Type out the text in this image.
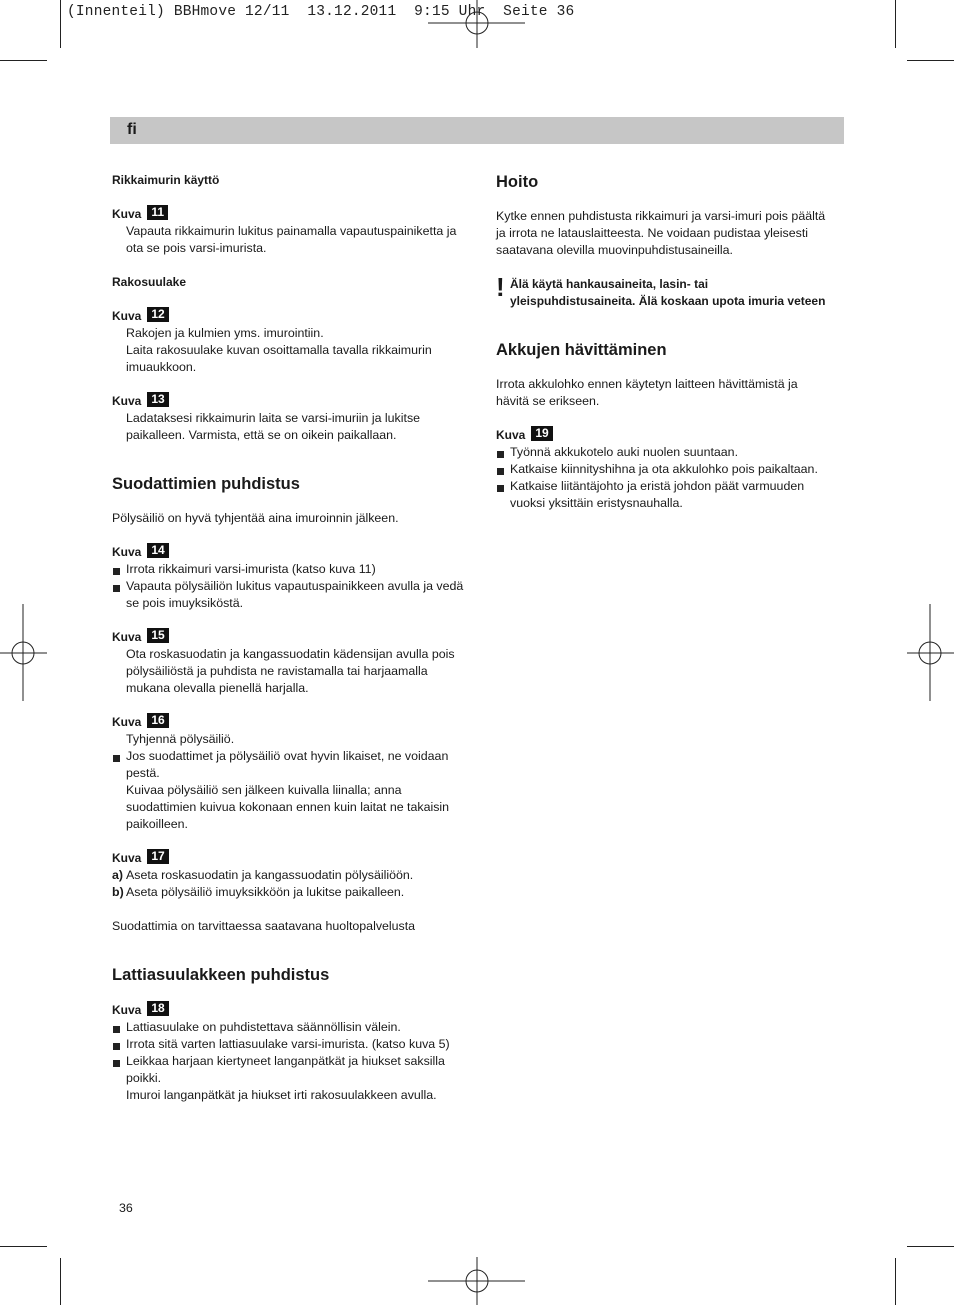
(Innenteil) BBHmove 12/11  13.12.2011  9:15 Uhr  Seite 36
fi

Rikkaimurin käyttö

Kuva 11

Vapauta rikkaimurin lukitus painamalla vapautuspainiketta ja ota se pois varsi-imurista.

Rakosuulake

Kuva 12

Rakojen ja kulmien yms. imurointiin.

Laita rakosuulake kuvan osoittamalla tavalla rikkaimurin imuaukkoon.

Kuva 13

Ladataksesi rikkaimurin laita se varsi-imuriin ja lukitse paikalleen. Varmista, että se on oikein paikallaan.

Suodattimien puhdistus

Pölysäiliö on hyvä tyhjentää aina imuroinnin jälkeen.

Kuva 14

Irrota rikkaimuri varsi-imurista (katso kuva 11)

Vapauta pölysäiliön lukitus vapautuspainikkeen avulla ja vedä se pois imuyksiköstä.

Kuva 15

Ota roskasuodatin ja kangassuodatin kädensijan avulla pois pölysäiliöstä ja puhdista ne ravistamalla tai harjaamalla mukana olevalla pienellä harjalla.

Kuva 16

Tyhjennä pölysäiliö.

Jos suodattimet ja pölysäiliö ovat hyvin likaiset, ne voidaan pestä.

Kuivaa pölysäiliö sen jälkeen kuivalla liinalla; anna suodattimien kuivua kokonaan ennen kuin laitat ne takaisin paikoilleen.

Kuva 17

a) Aseta roskasuodatin ja kangassuodatin pölysäiliöön.

b) Aseta pölysäiliö imuyksikköön ja lukitse paikalleen.

Suodattimia on tarvittaessa saatavana huoltopalvelusta

Lattiasuulakkeen puhdistus

Kuva 18

Lattiasuulake on puhdistettava säännöllisin välein.

Irrota sitä varten lattiasuulake varsi-imurista. (katso kuva 5)

Leikkaa harjaan kiertyneet langanpätkät ja hiukset saksilla poikki.

Imuroi langanpätkät ja hiukset irti rakosuulakkeen avulla.

Hoito

Kytke ennen puhdistusta rikkaimuri ja varsi-imuri pois päältä ja irrota ne latauslaitteesta. Ne voidaan pudistaa yleisesti saatavana olevilla muovinpuhdistusaineilla.

! Älä käytä hankausaineita, lasin- tai yleispuhdistusaineita. Älä koskaan upota imuria veteen

Akkujen hävittäminen

Irrota akkulohko ennen käytetyn laitteen hävittämistä ja hävitä se erikseen.

Kuva 19

Työnnä akkukotelo auki nuolen suuntaan.

Katkaise kiinnityshihna ja ota akkulohko pois paikaltaan.

Katkaise liitäntäjohto ja eristä johdon päät varmuuden vuoksi yksittäin eristysnauhalla.

36
